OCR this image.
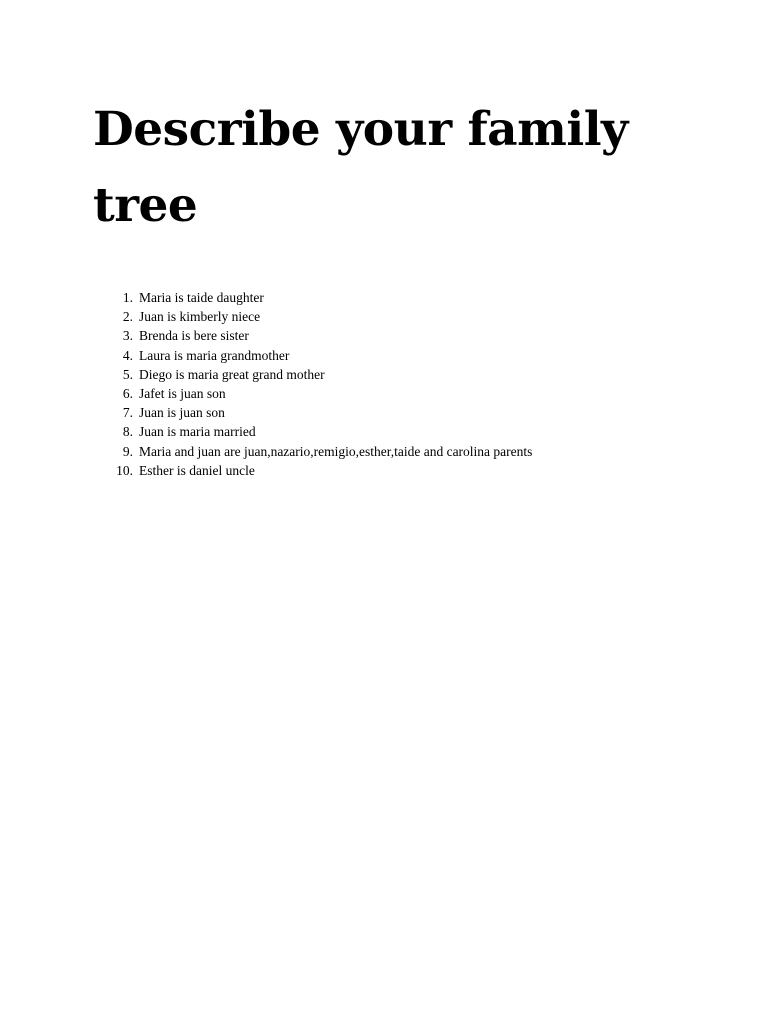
Describe your family tree
1. Maria is taide daughter
2. Juan is kimberly niece
3. Brenda is bere sister
4. Laura is maria grandmother
5. Diego is maria great grand mother
6. Jafet is juan son
7. Juan is juan son
8. Juan is maria married
9. Maria and juan are juan,nazario,remigio,esther,taide and carolina parents
10. Esther is daniel uncle
